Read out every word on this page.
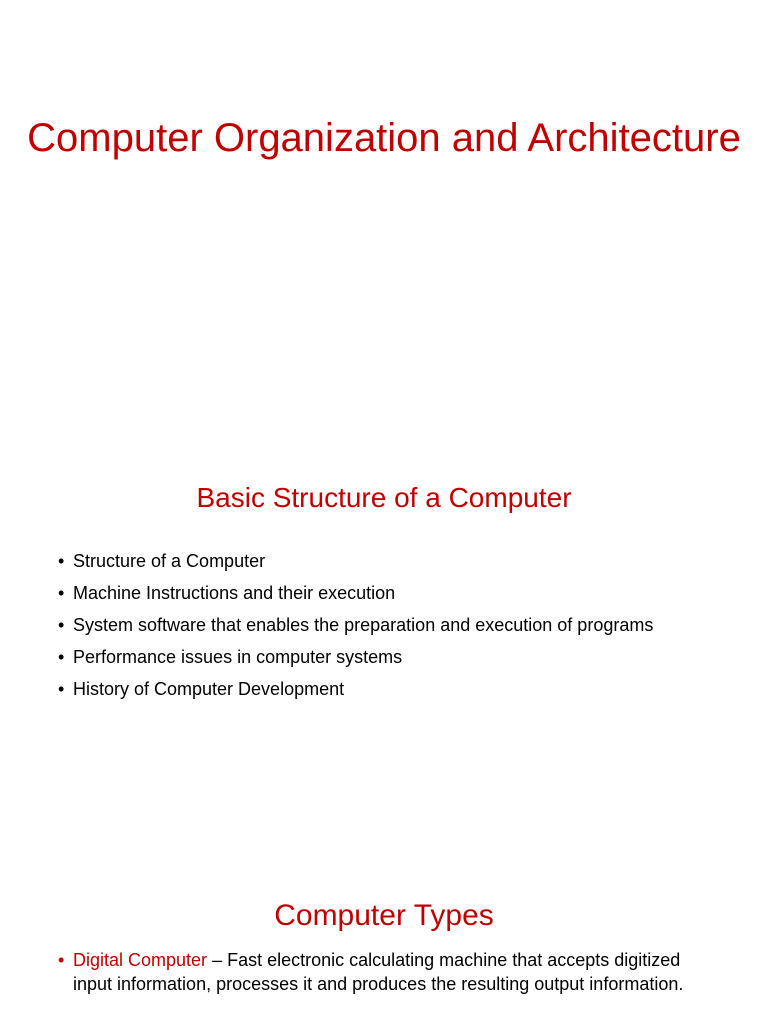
Computer Organization and Architecture
Basic Structure of a Computer
• Structure of a Computer
• Machine Instructions and their execution
• System software that enables the preparation and execution of programs
• Performance issues in computer systems
• History of Computer Development
Computer Types
• Digital Computer – Fast electronic calculating machine that accepts digitized input information, processes it and produces the resulting output information.
